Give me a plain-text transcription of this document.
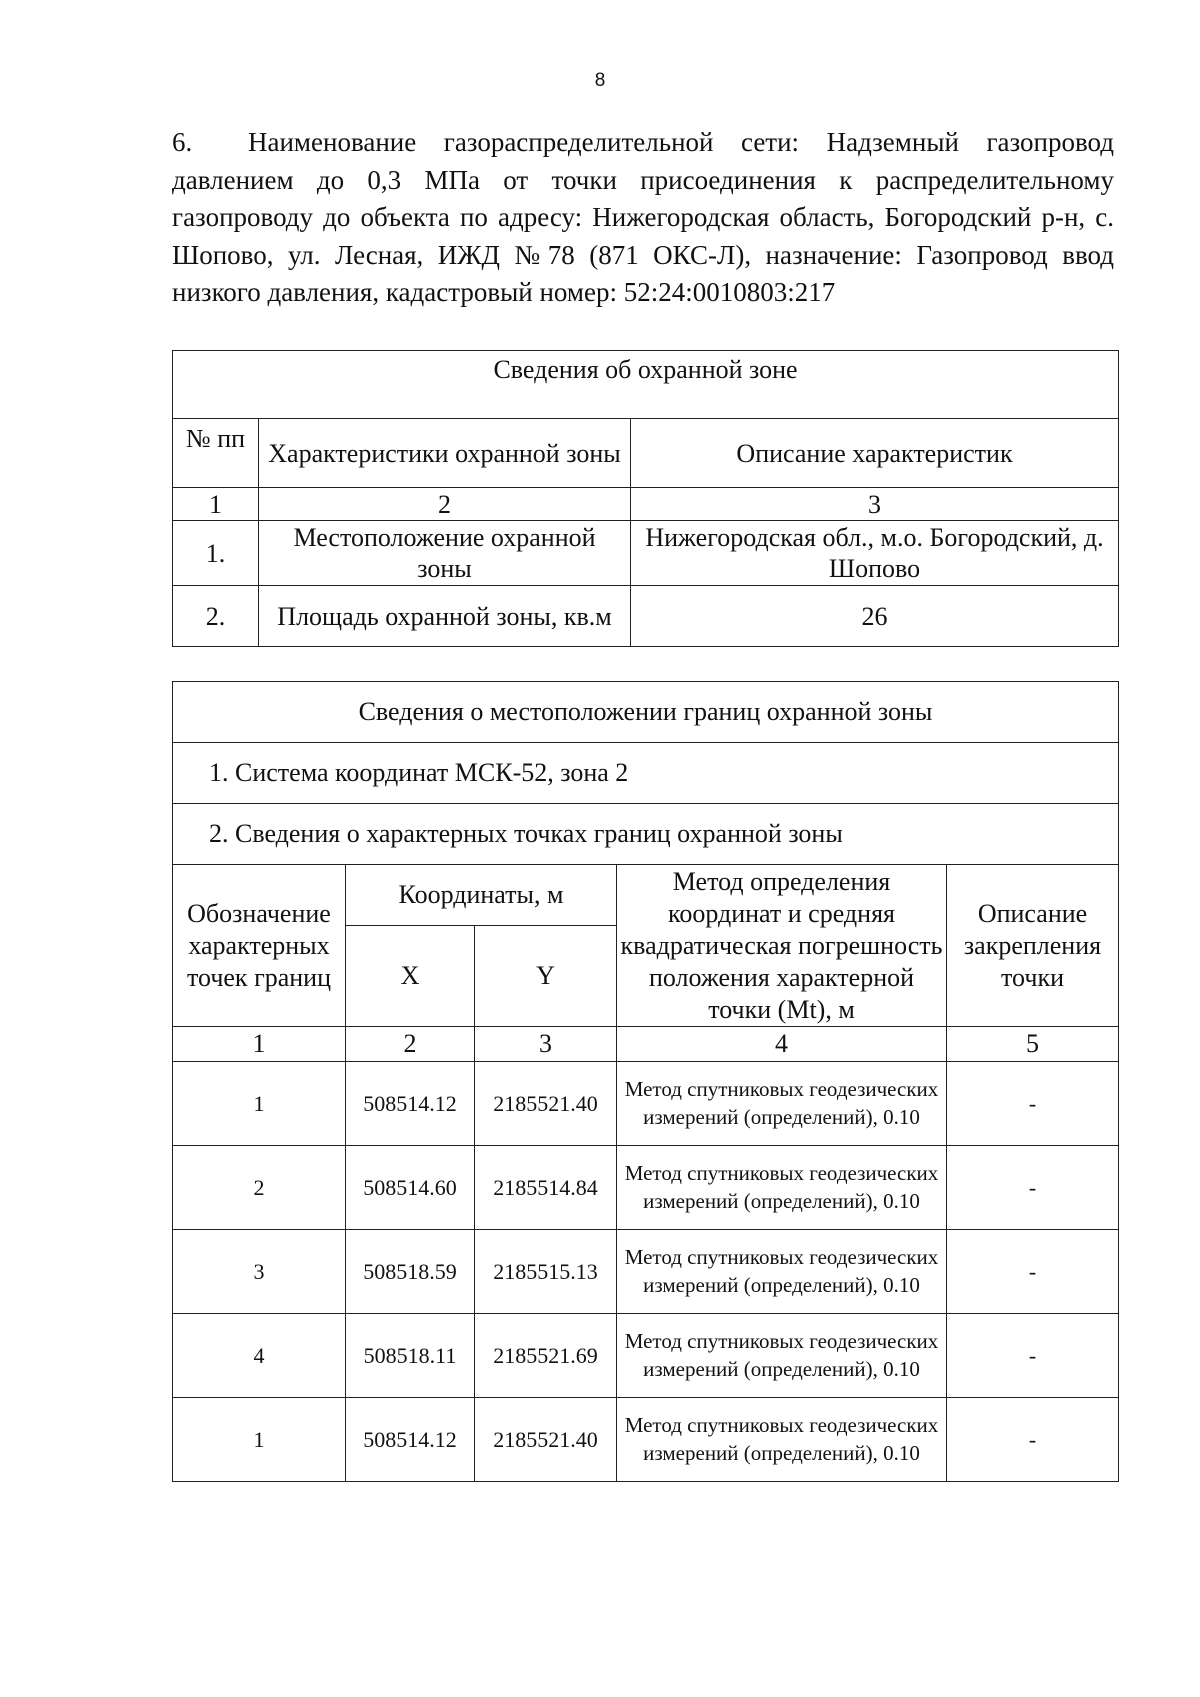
8

6. Наименование газораспределительной сети: Надземный газопровод давлением до 0,3 МПа от точки присоединения к распределительному газопроводу до объекта по адресу: Нижегородская область, Богородский р-н, с. Шопово, ул. Лесная, ИЖД №78 (871 ОКС-Л), назначение: Газопровод ввод низкого давления, кадастровый номер: 52:24:0010803:217

Сведения об охранной зоне		
№ пп	Характеристики охранной зоны	Описание характеристик
1	2	3
1.	Местоположение охранной зоны	Нижегородская обл., м.о. Богородский, д. Шопово
2.	Площадь охранной зоны, кв.м	26
Сведения о местоположении границ охранной зоны				
1. Система координат МСК-52, зона 2				
2. Сведения о характерных точках границ охранной зоны				
Обозначение характерных точек границ	Координаты, м		Метод определения координат и средняя квадратическая погрешность положения характерной точки (Mt), м	Описание закрепления точки
	X	Y		
1	2	3	4	5
1	508514.12	2185521.40	Метод спутниковых геодезических измерений (определений), 0.10	-
2	508514.60	2185514.84	Метод спутниковых геодезических измерений (определений), 0.10	-
3	508518.59	2185515.13	Метод спутниковых геодезических измерений (определений), 0.10	-
4	508518.11	2185521.69	Метод спутниковых геодезических измерений (определений), 0.10	-
1	508514.12	2185521.40	Метод спутниковых геодезических измерений (определений), 0.10	-
